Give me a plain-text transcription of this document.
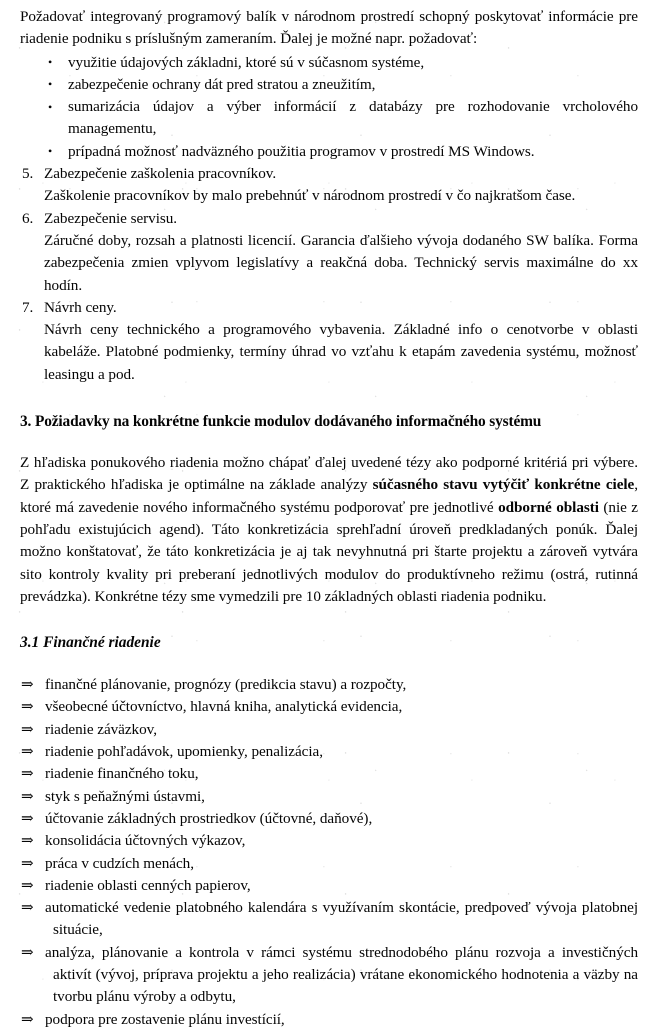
Požadovať integrovaný programový balík v národnom prostredí schopný poskytovať informácie pre riadenie podniku s príslušným zameraním. Ďalej je možné napr. požadovať:

• využitie údajových základni, ktoré sú v súčasnom systéme,
• zabezpečenie ochrany dát pred stratou a zneužitím,
• sumarizácia údajov a výber informácií z databázy pre rozhodovanie vrcholového managementu,
• prípadná možnosť nadväzného použitia programov v prostredí MS Windows.
5. Zabezpečenie zaškolenia pracovníkov.
Zaškolenie pracovníkov by malo prebehnúť v národnom prostredí v čo najkratšom čase.
6. Zabezpečenie servisu.
Záručné doby, rozsah a platnosti licencií. Garancia ďalšieho vývoja dodaného SW balíka. Forma zabezpečenia zmien vplyvom legislatívy a reakčná doba. Technický servis maximálne do xx hodín.
7. Návrh ceny.
Návrh ceny technického a programového vybavenia. Základné info o cenotvorbe v oblasti kabeláže. Platobné podmienky, termíny úhrad vo vzťahu k etapám zavedenia systému, možnosť leasingu a pod.
3. Požiadavky na konkrétne funkcie modulov dodávaného informačného systému

Z hľadiska ponukového riadenia možno chápať ďalej uvedené tézy ako podporné kritériá pri výbere. Z praktického hľadiska je optimálne na základe analýzy súčasného stavu vytýčiť konkrétne ciele, ktoré má zavedenie nového informačného systému podporovať pre jednotlivé odborné oblasti (nie z pohľadu existujúcich agend). Táto konkretizácia sprehľadní úroveň predkladaných ponúk. Ďalej možno konštatovať, že táto konkretizácia je aj tak nevyhnutná pri štarte projektu a zároveň vytvára sito kontroly kvality pri preberaní jednotlivých modulov do produktívneho režimu (ostrá, rutinná prevádzka). Konkrétne tézy sme vymedzili pre 10 základných oblasti riadenia podniku.

3.1 Finančné riadenie
⇒ finančné plánovanie, prognózy (predikcia stavu) a rozpočty,
⇒ všeobecné účtovníctvo, hlavná kniha, analytická evidencia,
⇒ riadenie záväzkov,
⇒ riadenie pohľadávok, upomienky, penalizácia,
⇒ riadenie finančného toku,
⇒ styk s peňažnými ústavmi,
⇒ účtovanie základných prostriedkov (účtovné, daňové),
⇒ konsolidácia účtovných výkazov,
⇒ práca v cudzích menách,
⇒ riadenie oblasti cenných papierov,
⇒ automatické vedenie platobného kalendára s využívaním skontácie, predpoveď vývoja platobnej situácie,
⇒ analýza, plánovanie a kontrola v rámci systému strednodobého plánu rozvoja a investičných aktivít (vývoj, príprava projektu a jeho realizácia) vrátane ekonomického hodnotenia a väzby na tvorbu plánu výroby a odbytu,
⇒ podpora pre zostavenie plánu investícií,
